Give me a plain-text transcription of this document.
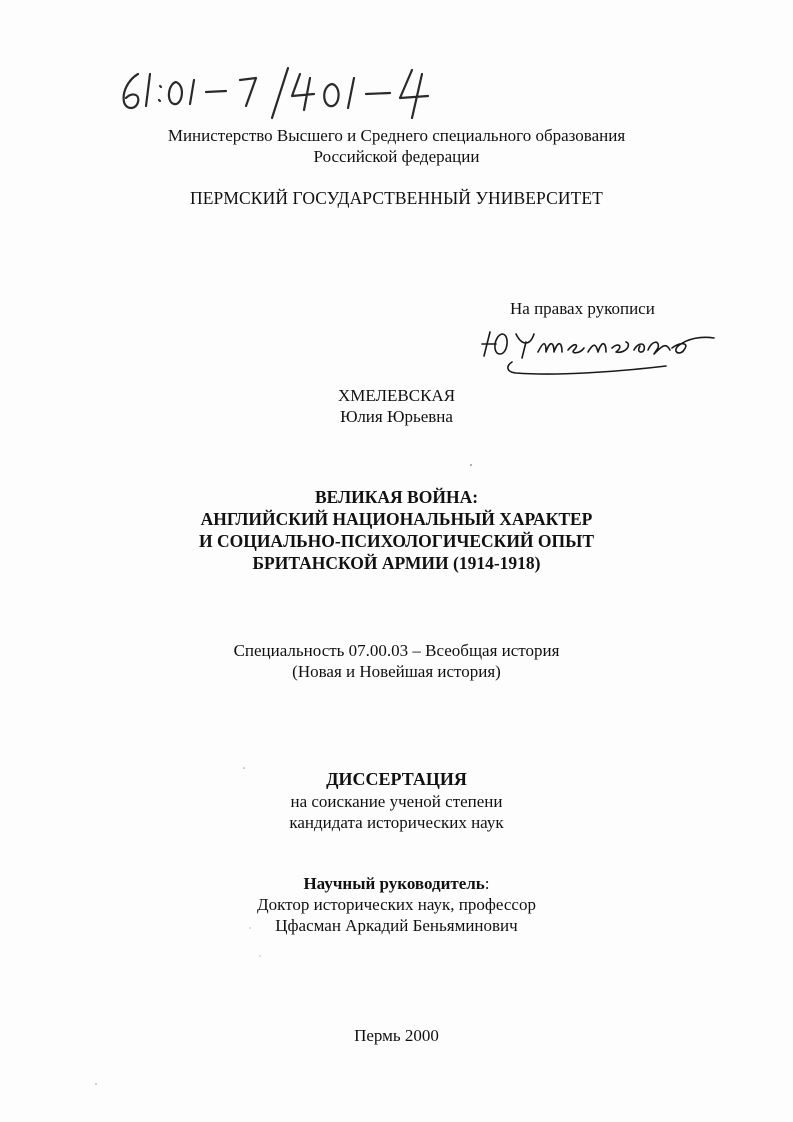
Министерство Высшего и Среднего специального образования
Российской федерации
ПЕРМСКИЙ ГОСУДАРСТВЕННЫЙ УНИВЕРСИТЕТ
На правах рукописи
ХМЕЛЕВСКАЯ
Юлия Юрьевна
ВЕЛИКАЯ ВОЙНА:
АНГЛИЙСКИЙ НАЦИОНАЛЬНЫЙ ХАРАКТЕР
И СОЦИАЛЬНО-ПСИХОЛОГИЧЕСКИЙ ОПЫТ
БРИТАНСКОЙ АРМИИ (1914-1918)
Специальность 07.00.03 – Всеобщая история
(Новая и Новейшая история)
ДИССЕРТАЦИЯ
на соискание ученой степени
кандидата исторических наук
Научный руководитель:
Доктор исторических наук, профессор
Цфасман Аркадий Беньяминович
Пермь 2000
